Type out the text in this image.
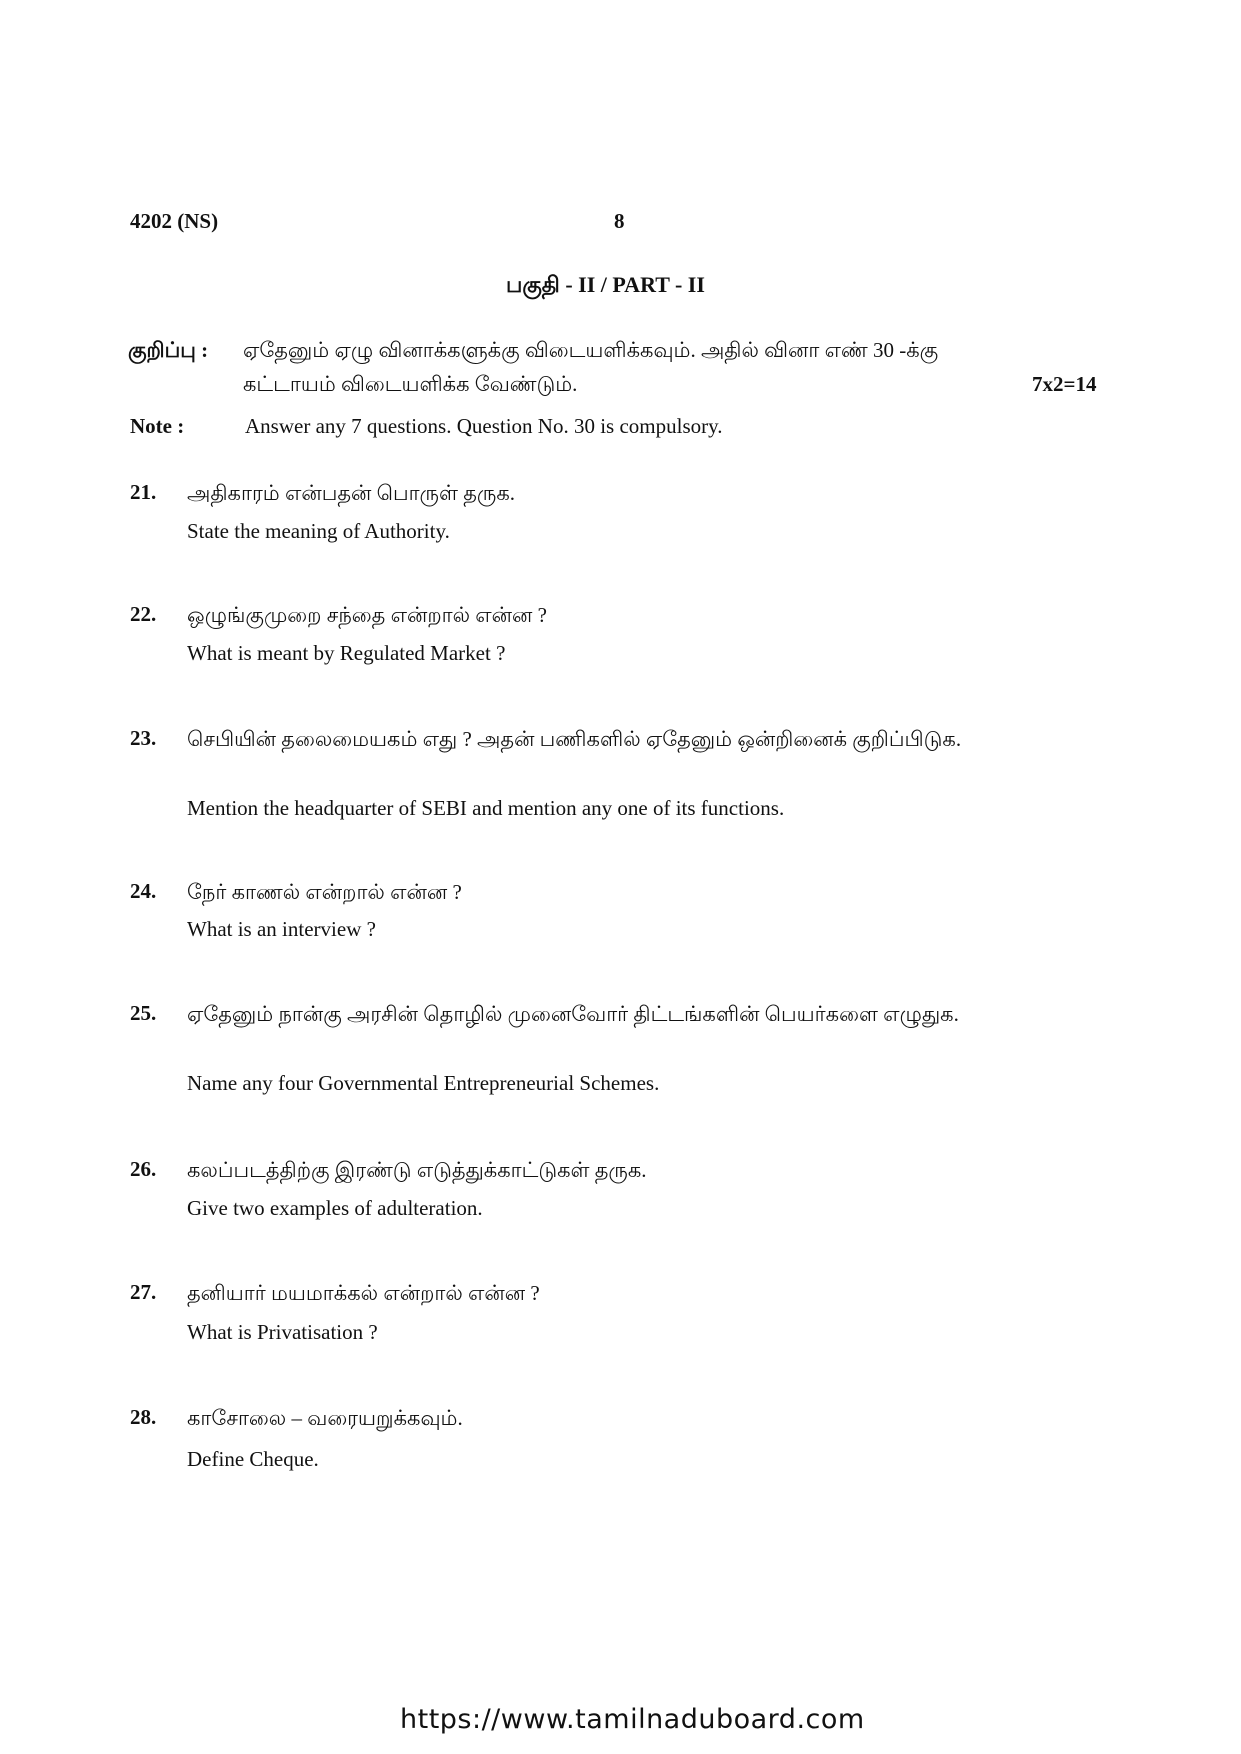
4202 (NS)	8
பகுதி - II / PART - II
குறிப்பு : ஏதேனும் ஏழு வினாக்களுக்கு விடையளிக்கவும். அதில் வினா எண் 30 -க்கு
கட்டாயம் விடையளிக்க வேண்டும்.	7x2=14
Note :	Answer any 7 questions. Question No. 30 is compulsory.
21. அதிகாரம் என்பதன் பொருள் தருக.
State the meaning of Authority.
22. ஒழுங்குமுறை சந்தை என்றால் என்ன ?
What is meant by Regulated Market ?
23. செபியின் தலைமையகம் எது ? அதன் பணிகளில் ஏதேனும் ஒன்றினைக் குறிப்பிடுக.
Mention the headquarter of SEBI and mention any one of its functions.
24. நேர் காணல் என்றால் என்ன ?
What is an interview ?
25. ஏதேனும் நான்கு அரசின் தொழில் முனைவோர் திட்டங்களின் பெயர்களை எழுதுக.
Name any four Governmental Entrepreneurial Schemes.
26. கலப்படத்திற்கு இரண்டு எடுத்துக்காட்டுகள் தருக.
Give two examples of adulteration.
27. தனியார் மயமாக்கல் என்றால் என்ன ?
What is Privatisation ?
28. காசோலை – வரையறுக்கவும்.
Define Cheque.
https://www.tamilnaduboard.com
